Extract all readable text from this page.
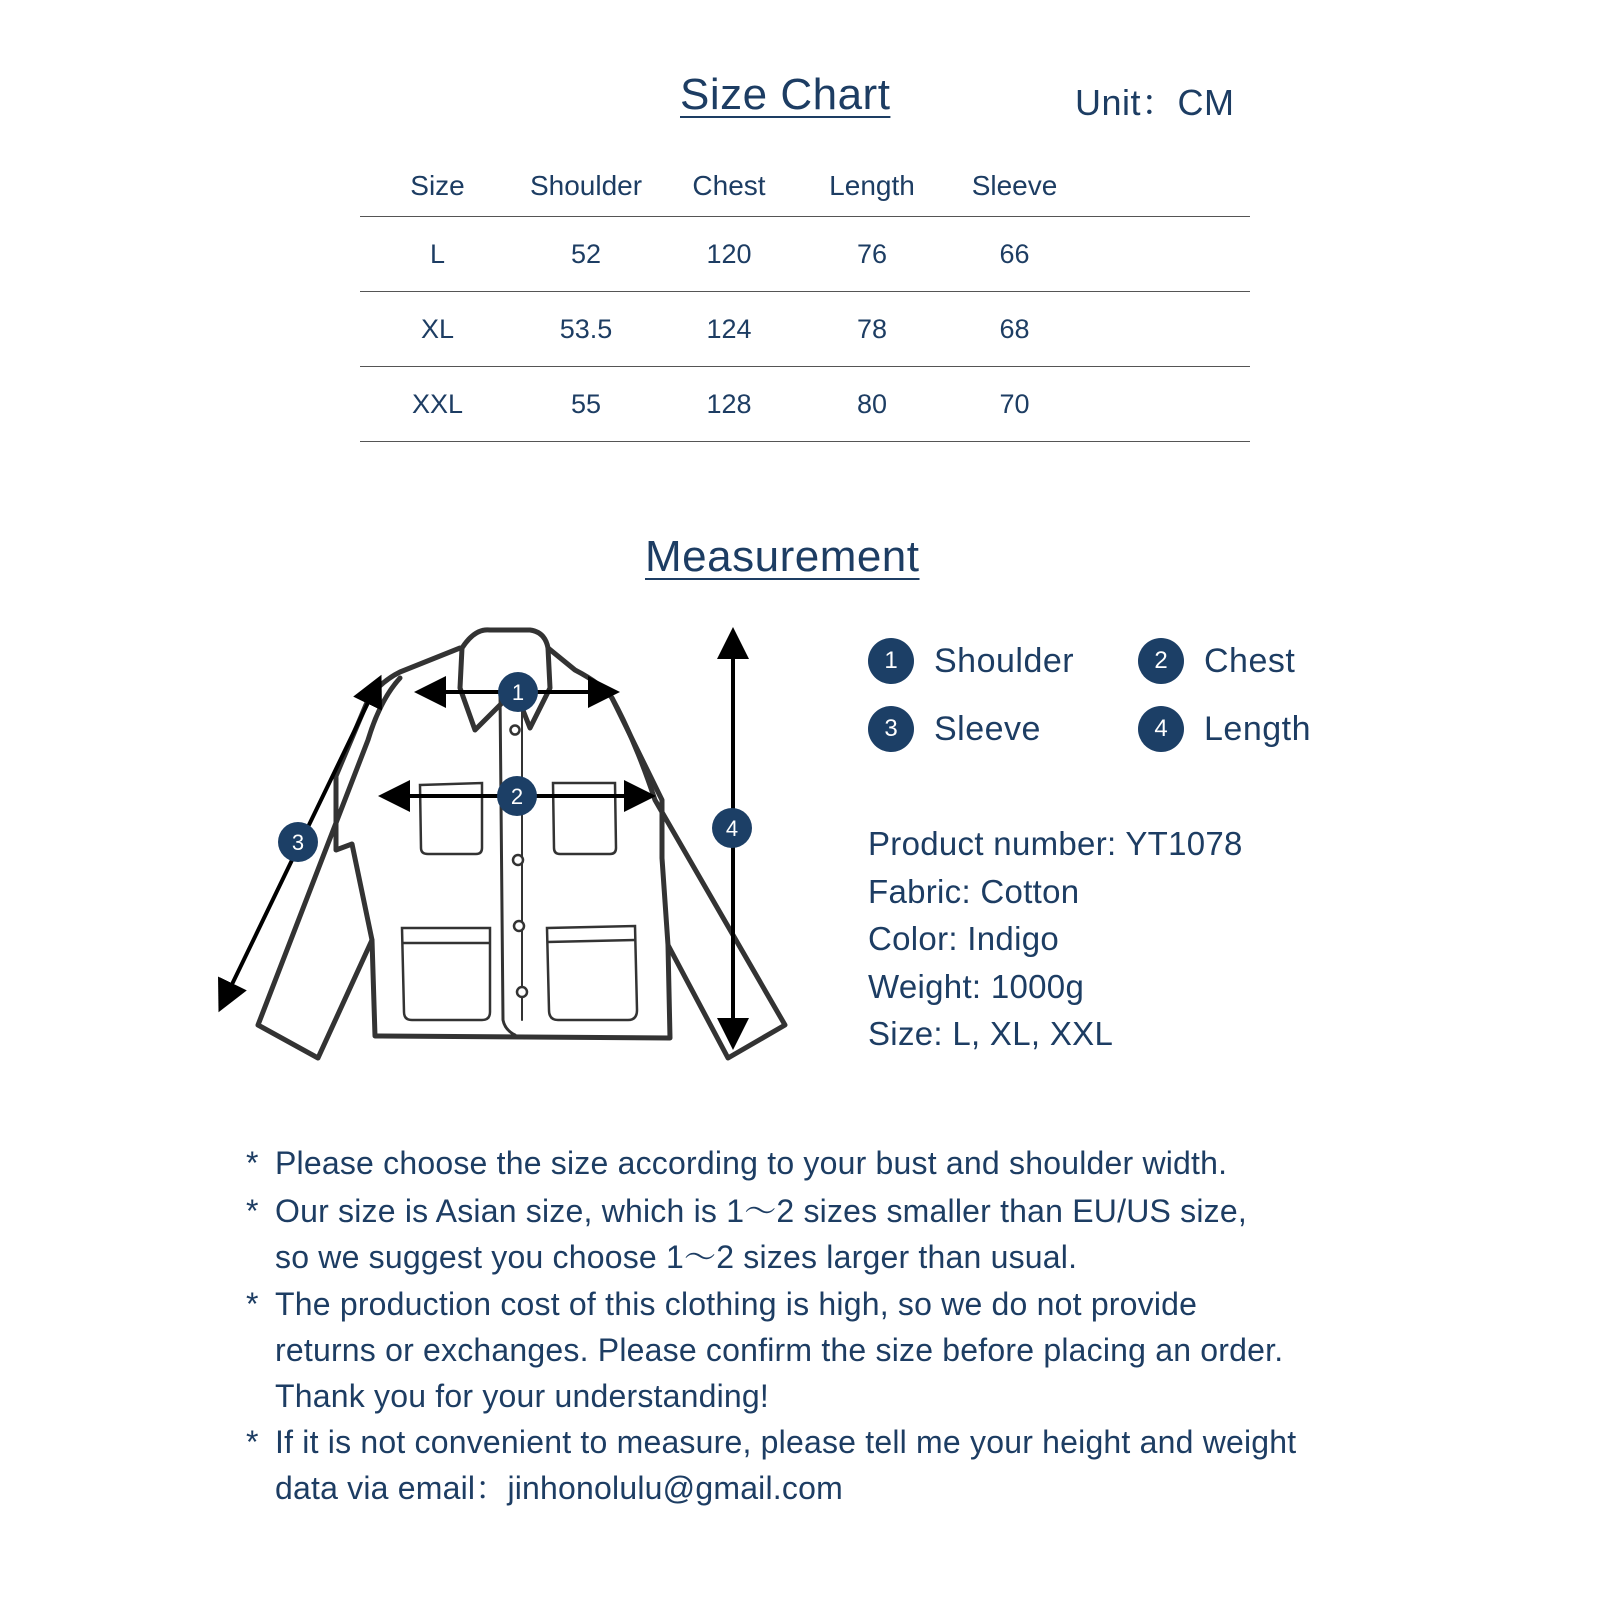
Size Chart	Unit：CM
Size	Shoulder	Chest	Length	Sleeve	
L	52	120	76	66	
XL	53.5	124	78	68	
XXL	55	128	80	70	
Measurement
1
2
3
4
1	Shoulder	2	Chest
3	Sleeve	4	Length
Product number: YT1078
Fabric: Cotton
Color: Indigo
Weight: 1000g
Size: L, XL, XXL
* Please choose the size according to your bust and shoulder width.
* Our size is Asian size, which is 1～2 sizes smaller than EU/US size,
so we suggest you choose 1～2 sizes larger than usual.
* The production cost of this clothing is high, so we do not provide
returns or exchanges. Please confirm the size before placing an order.
Thank you for your understanding!
* If it is not convenient to measure, please tell me your height and weight
data via email：jinhonolulu@gmail.com
